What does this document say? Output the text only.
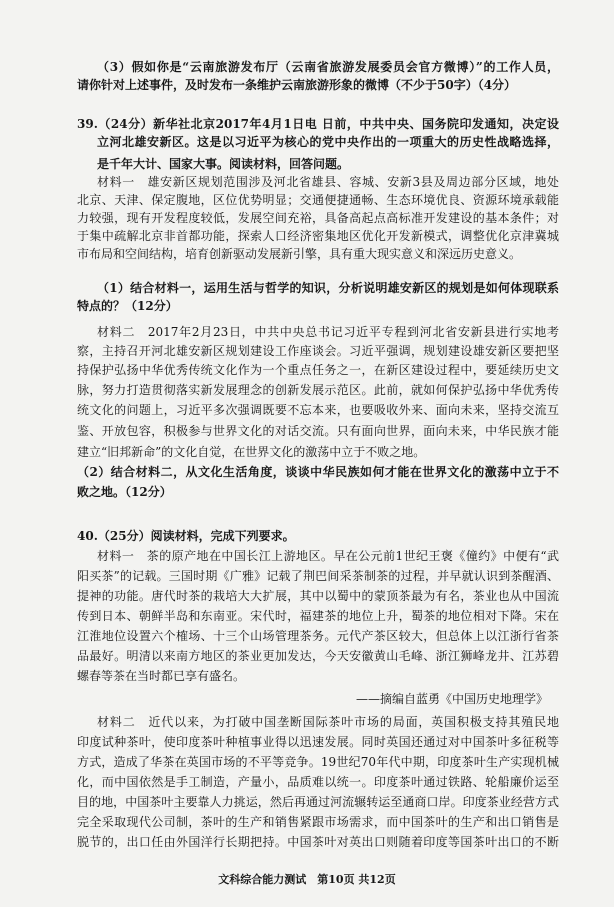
（3）假如你是“云南旅游发布厅（云南省旅游发展委员会官方微博）”的工作人员，
请你针对上述事件，及时发布一条维护云南旅游形象的微博（不少于50字）（4分）
39.（24分）新华社北京2017年4月1日电 日前，中共中央、国务院印发通知，决定设
立河北雄安新区。这是以习近平为核心的党中央作出的一项重大的历史性战略选择，
是千年大计、国家大事。阅读材料，回答问题。
材料一　雄安新区规划范围涉及河北省雄县、容城、安新3县及周边部分区域，地处
北京、天津、保定腹地，区位优势明显；交通便捷通畅、生态环境优良、资源环境承载能
力较强，现有开发程度较低，发展空间充裕，具备高起点高标准开发建设的基本条件；对
于集中疏解北京非首都功能，探索人口经济密集地区优化开发新模式，调整优化京津冀城
市布局和空间结构，培育创新驱动发展新引擎，具有重大现实意义和深远历史意义。
（1）结合材料一，运用生活与哲学的知识，分析说明雄安新区的规划是如何体现联系
特点的？（12分）
材料二　2017年2月23日，中共中央总书记习近平专程到河北省安新县进行实地考
察，主持召开河北雄安新区规划建设工作座谈会。习近平强调，规划建设雄安新区要把坚
持保护弘扬中华优秀传统文化作为一个重点任务之一，在新区建设过程中，要延续历史文
脉，努力打造贯彻落实新发展理念的创新发展示范区。此前，就如何保护弘扬中华优秀传
统文化的问题上，习近平多次强调既要不忘本来，也要吸收外来、面向未来，坚持交流互
鉴、开放包容，积极参与世界文化的对话交流。只有面向世界，面向未来，中华民族才能
建立“旧邦新命”的文化自觉，在世界文化的激荡中立于不败之地。
（2）结合材料二，从文化生活角度，谈谈中华民族如何才能在世界文化的激荡中立于不
败之地。（12分）
40.（25分）阅读材料，完成下列要求。
材料一　茶的原产地在中国长江上游地区。早在公元前1世纪王褒《僮约》中便有“武
阳买茶”的记载。三国时期《广雅》记载了荆巴间采茶制茶的过程，并早就认识到茶醒酒、
提神的功能。唐代时茶的栽培大大扩展，其中以蜀中的蒙顶茶最为有名，茶业也从中国流
传到日本、朝鲜半岛和东南亚。宋代时，福建茶的地位上升，蜀茶的地位相对下降。宋在
江淮地位设置六个榷场、十三个山场管理茶务。元代产茶区较大，但总体上以江浙行省茶
品最好。明清以来南方地区的茶业更加发达，今天安徽黄山毛峰、浙江狮峰龙井、江苏碧
螺春等茶在当时都已享有盛名。
——摘编自蓝勇《中国历史地理学》
材料二　近代以来，为打破中国垄断国际茶叶市场的局面，英国积极支持其殖民地
印度试种茶叶，使印度茶叶种植事业得以迅速发展。同时英国还通过对中国茶叶多征税等
方式，造成了华茶在英国市场的不平等竞争。19世纪70年代中期，印度茶叶生产实现机械
化，而中国依然是手工制造，产量小，品质难以统一。印度茶叶通过铁路、轮船廉价运至
目的地，中国茶叶主要靠人力挑运，然后再通过河流辗转运至通商口岸。印度茶业经营方式
完全采取现代公司制，茶叶的生产和销售紧跟市场需求，而中国茶叶的生产和出口销售是
脱节的，出口任由外国洋行长期把持。中国茶叶对英出口则随着印度等国茶叶出口的不断
文科综合能力测试　第10页 共12页
